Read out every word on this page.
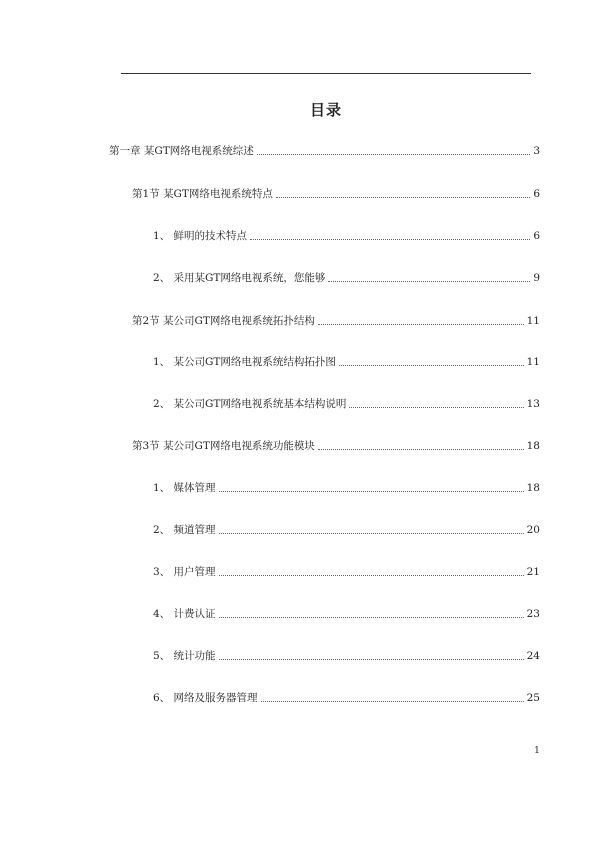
目录
第一章 某GT网络电视系统综述	3
第1节 某GT网络电视系统特点	6
1、 鲜明的技术特点	6
2、 采用某GT网络电视系统，您能够	9
第2节 某公司GT网络电视系统拓扑结构	11
1、 某公司GT网络电视系统结构拓扑图	11
2、 某公司GT网络电视系统基本结构说明	13
第3节 某公司GT网络电视系统功能模块	18
1、 媒体管理	18
2、 频道管理	20
3、 用户管理	21
4、 计费认证	23
5、 统计功能	24
6、 网络及服务器管理	25
1
